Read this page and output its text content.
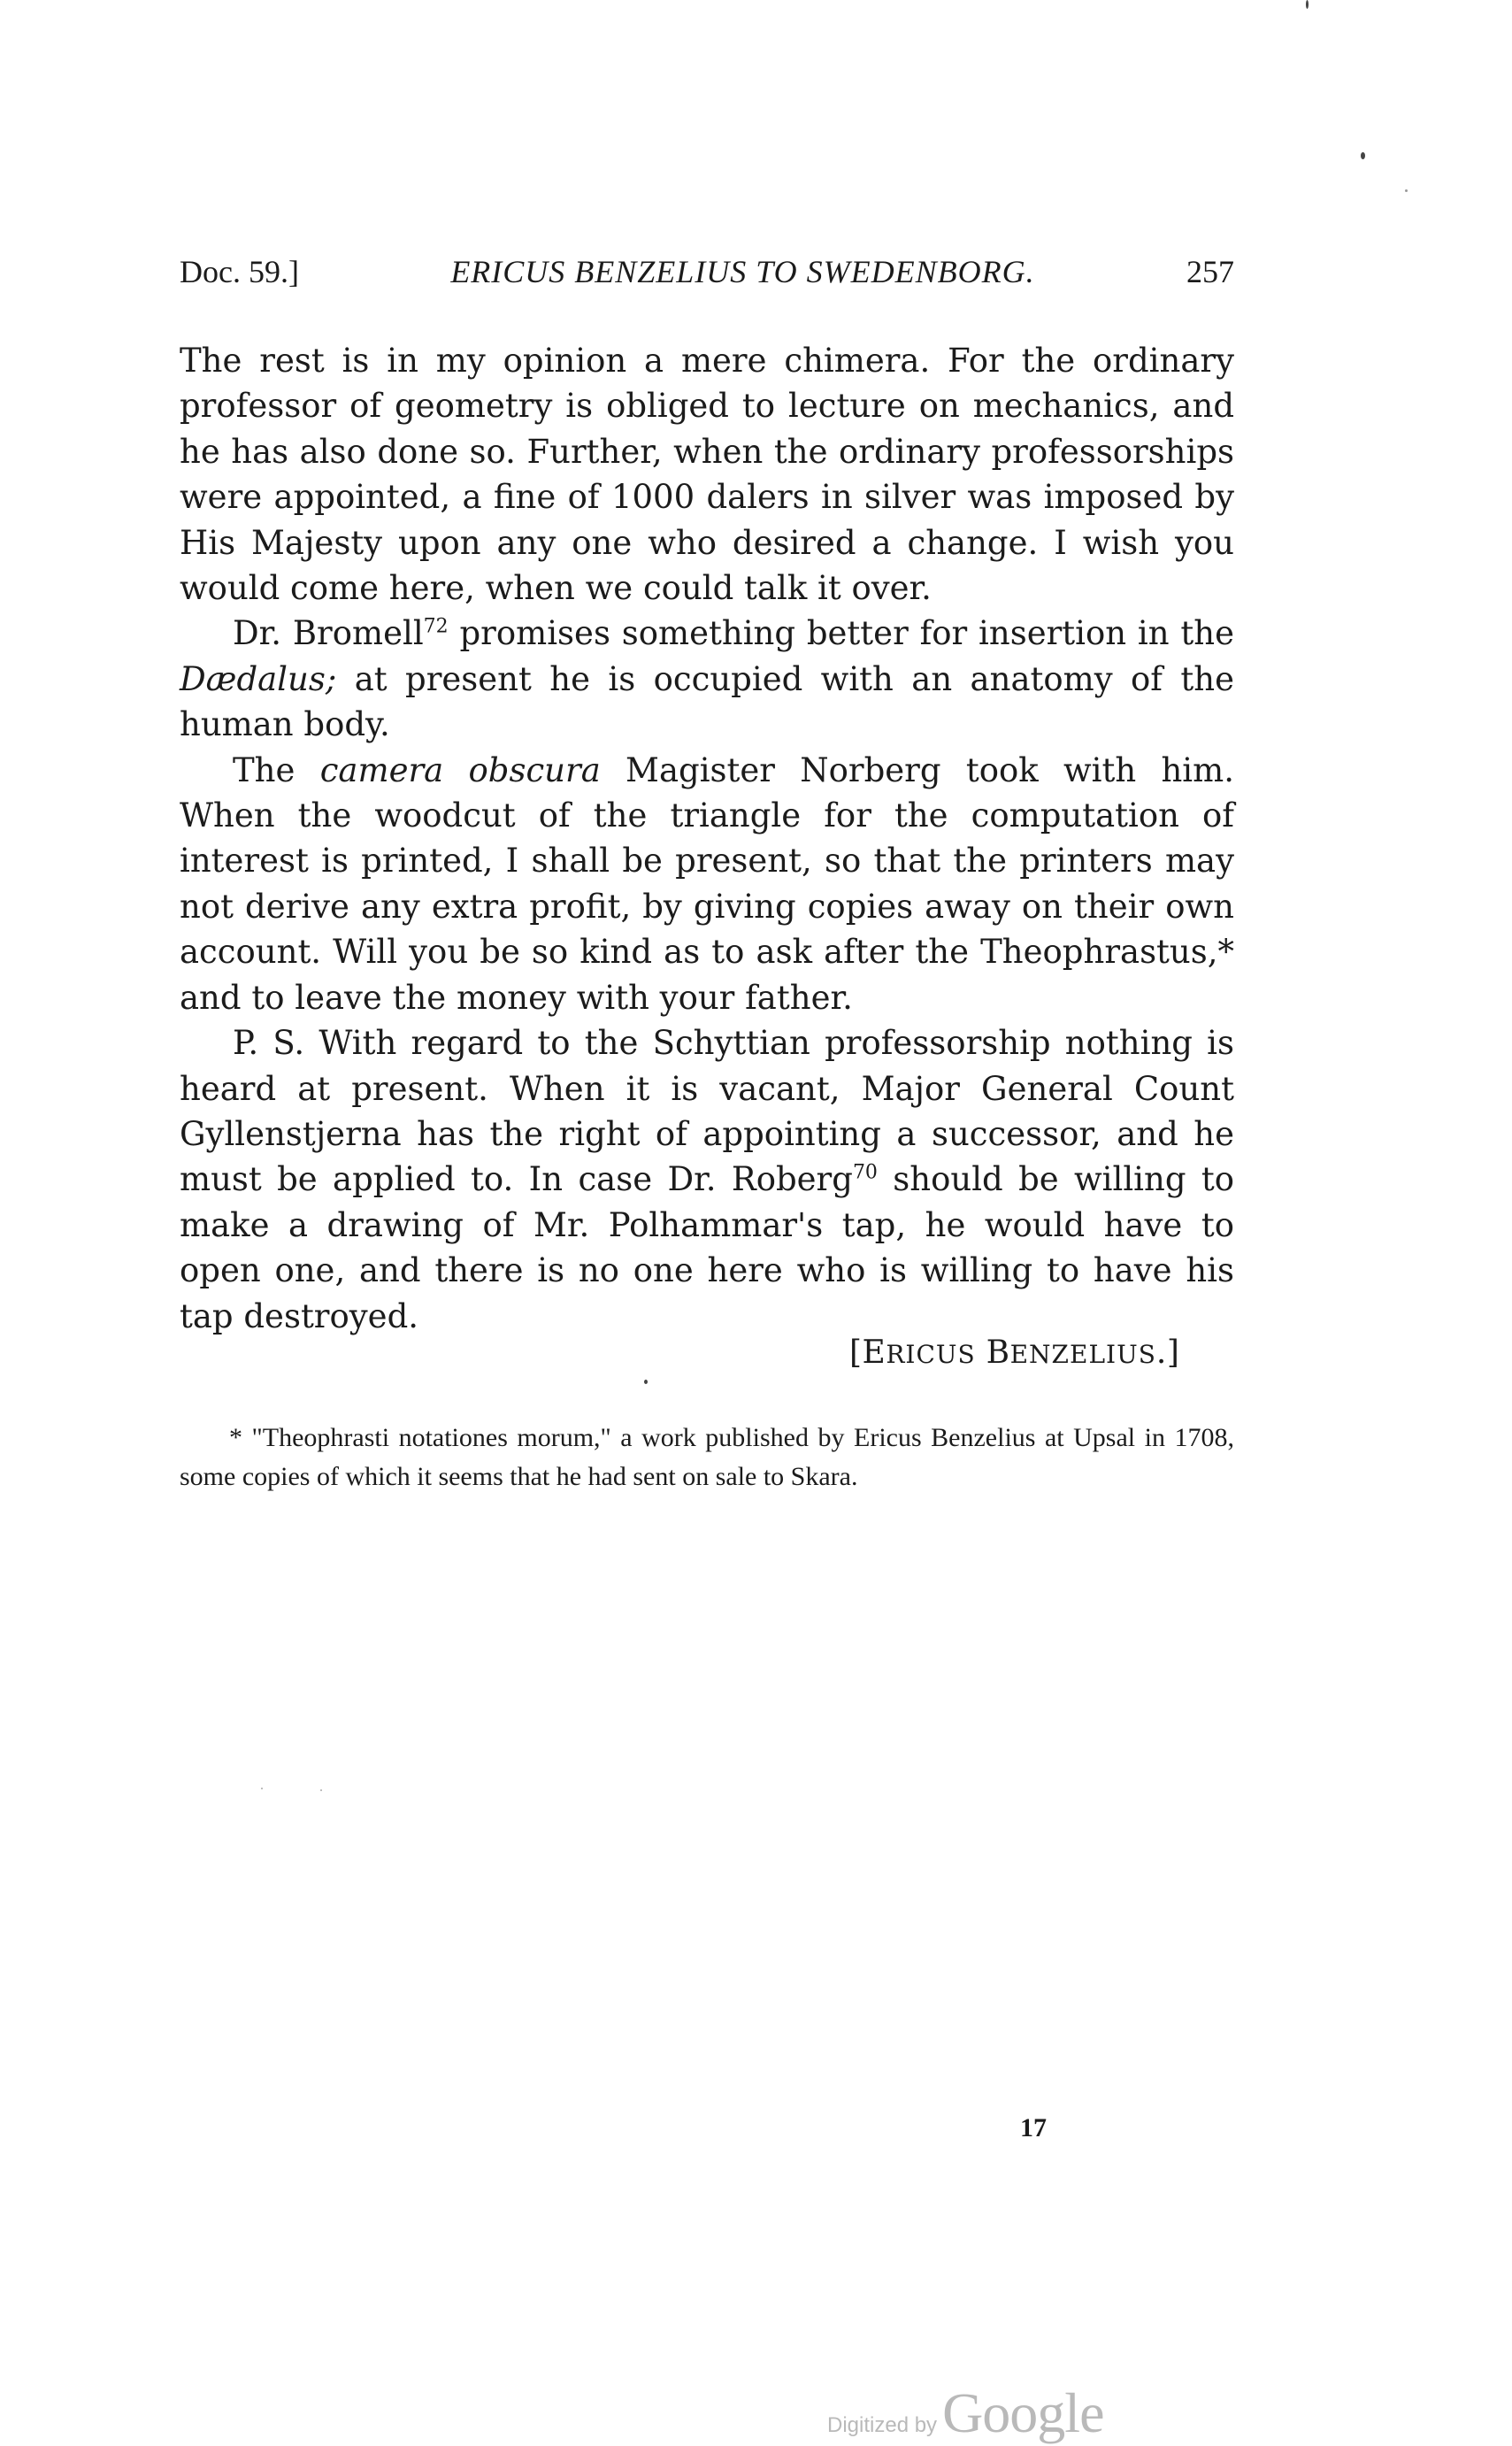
Doc. 59.]	ERICUS BENZELIUS TO SWEDENBORG.	257

The rest is in my opinion a mere chimera. For the ordinary professor of geometry is obliged to lecture on mechanics, and he has also done so. Further, when the ordinary professorships were appointed, a fine of 1000 dalers in silver was imposed by His Majesty upon any one who desired a change. I wish you would come here, when we could talk it over.

Dr. Bromell$^{72}$ promises something better for insertion in the Dædalus; at present he is occupied with an anatomy of the human body.

The camera obscura Magister Norberg took with him. When the woodcut of the triangle for the computation of interest is printed, I shall be present, so that the printers may not derive any extra profit, by giving copies away on their own account. Will you be so kind as to ask after the Theophrastus,* and to leave the money with your father.

P. S. With regard to the Schyttian professorship nothing is heard at present. When it is vacant, Major General Count Gyllenstjerna has the right of appointing a successor, and he must be applied to. In case Dr. Roberg$^{70}$ should be willing to make a drawing of Mr. Polhammar's tap, he would have to open one, and there is no one here who is willing to have his tap destroyed.

[ERICUS BENZELIUS.]

* "Theophrasti notationes morum," a work published by Ericus Benzelius at Upsal in 1708, some copies of which it seems that he had sent on sale to Skara.

17
Digitized by Google
